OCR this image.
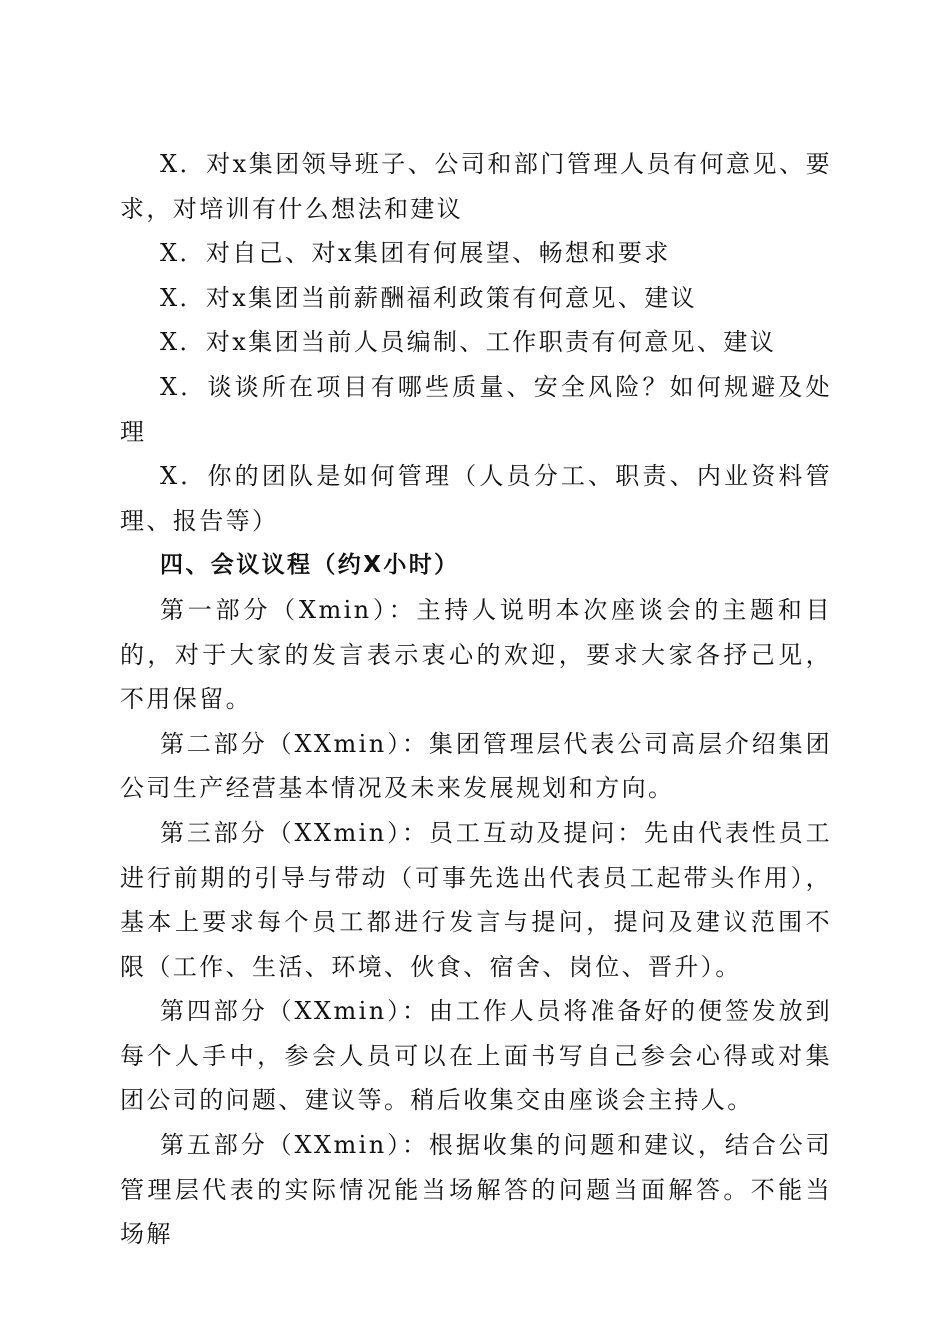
X．对x集团领导班子、公司和部门管理人员有何意见、要求，对培训有什么想法和建议

X．对自己、对x集团有何展望、畅想和要求

X．对x集团当前薪酬福利政策有何意见、建议

X．对x集团当前人员编制、工作职责有何意见、建议

X．谈谈所在项目有哪些质量、安全风险？如何规避及处理

X．你的团队是如何管理（人员分工、职责、内业资料管理、报告等）

四、会议议程（约X小时）

第一部分（Xmin）：主持人说明本次座谈会的主题和目的，对于大家的发言表示衷心的欢迎，要求大家各抒己见，不用保留。

第二部分（XXmin）：集团管理层代表公司高层介绍集团公司生产经营基本情况及未来发展规划和方向。

第三部分（XXmin）：员工互动及提问：先由代表性员工进行前期的引导与带动（可事先选出代表员工起带头作用），基本上要求每个员工都进行发言与提问，提问及建议范围不限（工作、生活、环境、伙食、宿舍、岗位、晋升）。

第四部分（XXmin）：由工作人员将准备好的便签发放到每个人手中，参会人员可以在上面书写自己参会心得或对集团公司的问题、建议等。稍后收集交由座谈会主持人。

第五部分（XXmin）：根据收集的问题和建议，结合公司管理层代表的实际情况能当场解答的问题当面解答。不能当场解
